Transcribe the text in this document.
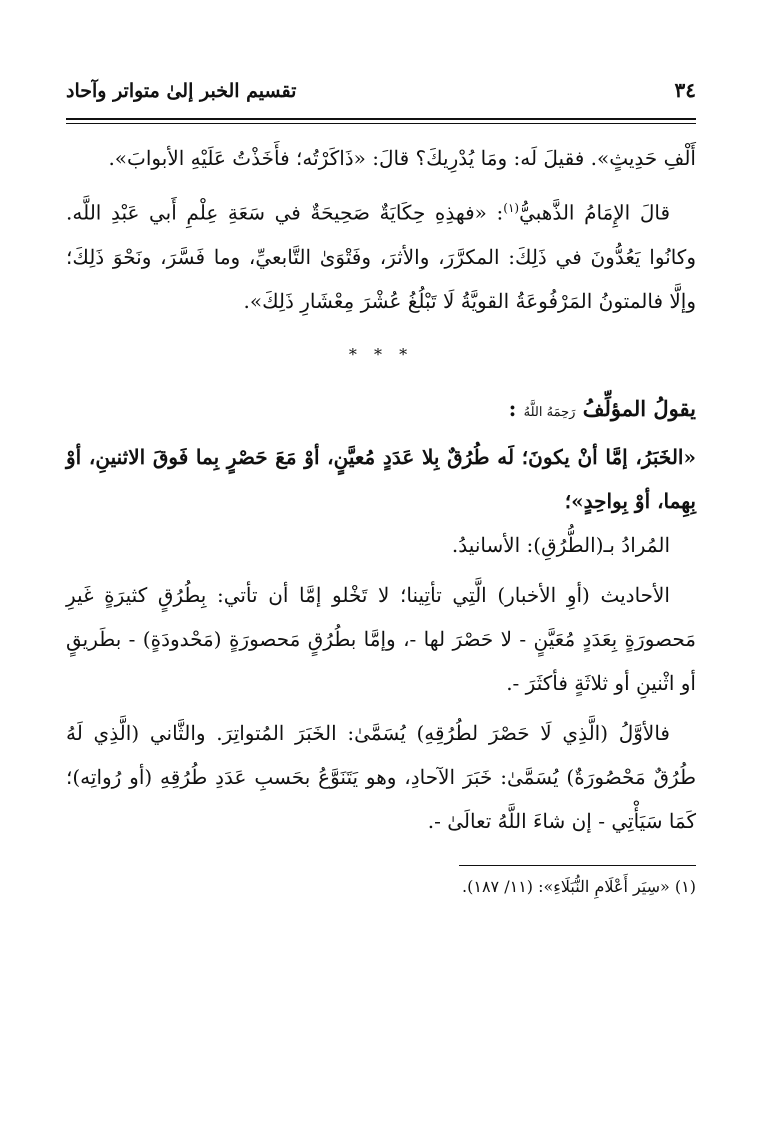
٣٤
تقسيم الخبر إلىٰ متواتر وآحاد

أَلْفِ حَدِيثٍ». فقيلَ لَه: ومَا يُدْرِيكَ؟ قالَ: «ذَاكَرْتُه؛ فأَخَذْتُ عَلَيْهِ الأبوابَ».

قالَ الإِمَامُ الذَّهبيُّ$^{(١)}$: «فهذِهِ حِكَايَةٌ صَحِيحَةٌ في سَعَةِ عِلْمِ أَبي عَبْدِ اللَّه. وكانُوا يَعُدُّونَ في ذَلِكَ: المكرَّرَ، والأثرَ، وفَتْوَىٰ التَّابعيِّ، وما فَسَّرَ، ونَحْوَ ذَلِكَ؛ وإلَّا فالمتونُ المَرْفُوعَةُ القويَّةُ لَا تَبْلُغُ عُشْرَ مِعْشَارِ ذَلِكَ».

* * *

يقولُ المؤلِّفُ رَحِمَهُ اللَّهُ :

«الخَبَرُ، إمَّا أنْ يكونَ؛ لَه طُرُقٌ بِلا عَدَدٍ مُعيَّنٍ، أوْ مَعَ حَصْرٍ بِما فَوقَ الاثنينِ، أوْ بِهِما، أوْ بِواحِدٍ»؛

المُرادُ بـ(الطُّرُقِ): الأسانيدُ.

الأحاديث (أوِ الأخبار) الَّتِي تأتِينا؛ لا تَخْلو إمَّا أن تأتي: بِطُرُقٍ كثيرَةٍ غَيرِ مَحصورَةٍ بِعَدَدٍ مُعَيَّنٍ - لا حَصْرَ لها -، وإمَّا بطُرُقٍ مَحصورَةٍ (مَحْدودَةٍ) - بطَريقٍ أو اثْنينِ أو ثلاثَةٍ فأكثَرَ -.

فالأوَّلُ (الَّذِي لَا حَصْرَ لطُرُقِهِ) يُسَمَّىٰ: الخَبَرَ المُتواتِرَ. والثَّاني (الَّذِي لَهُ طُرُقٌ مَحْصُورَةٌ) يُسَمَّىٰ: خَبَرَ الآحادِ، وهو يَتَنَوَّعُ بحَسبِ عَدَدِ طُرُقِهِ (أو رُواتِه)؛ كَمَا سَيَأْتِي - إن شاءَ اللَّهُ تعالَىٰ -.

(١) «سِيَر أَعْلَامِ النُّبَلَاءِ»: (١١/ ١٨٧).
